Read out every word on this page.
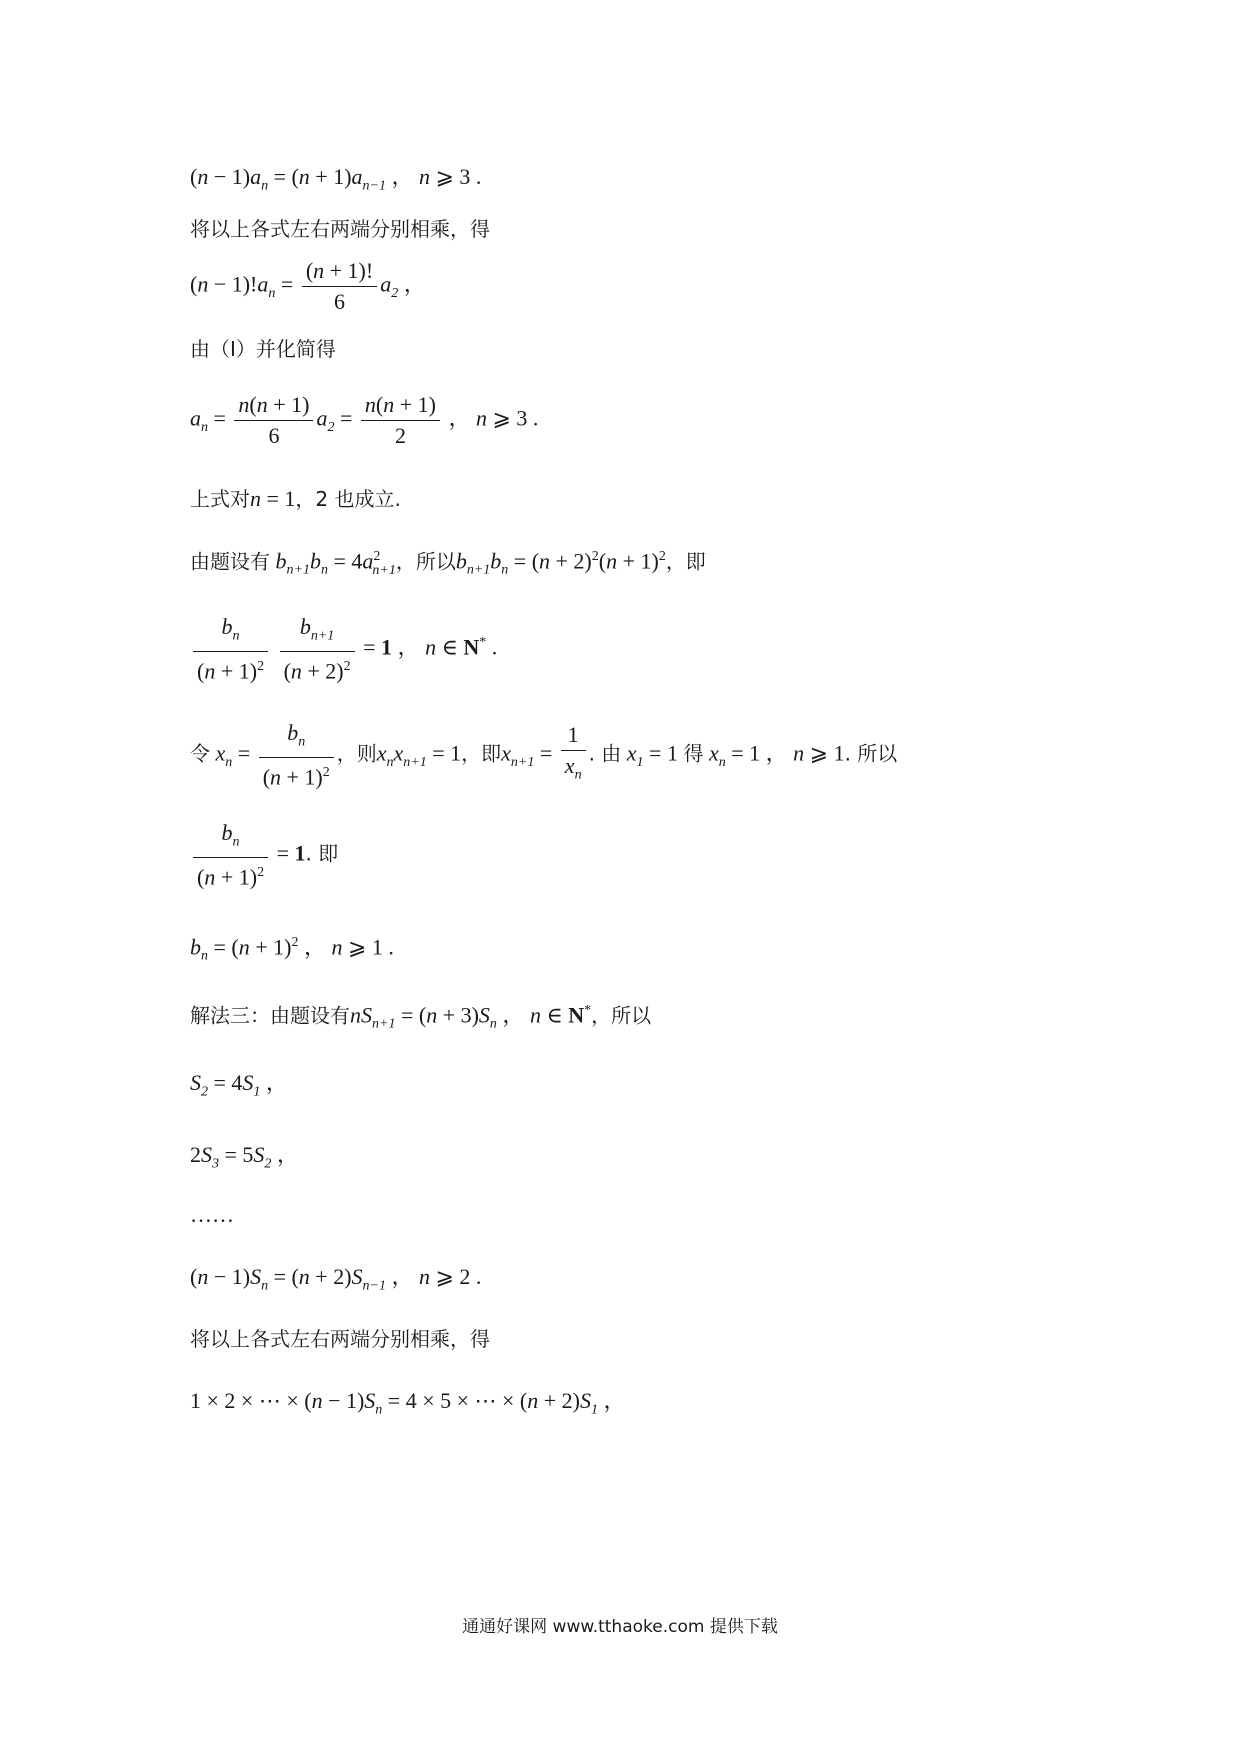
$(n - 1)a_n = (n + 1)a_{n-1}$ ， n ⩾ 3 .
将以上各式左右两端分别相乘，得
$(n - 1)!a_n = \frac{(n + 1)!}{6} a_2$ ，
由（Ⅰ）并化简得
$a_n = \frac{n(n + 1)}{6} a_2 = \frac{n(n + 1)}{2}$ ， n ⩾ 3 .
上式对n = 1，2 也成立.
由题设有 $b_{n+1}b_n = 4a^2_{n+1}$，所以$b_{n+1}b_n = (n + 2)^2(n + 1)^2$，即
$\frac{b_n}{(n + 1)^2}$
$\frac{b_{n+1}}{(n + 2)^2} = 1$ ， n ∈ N* .
令 $x_n = \frac{b_n}{(n + 1)^2}$ ，则$x_nx_{n+1} = 1$，即$x_{n+1} = \frac{1}{x_n}$ . 由 $x_1 = 1$ 得 $x_n = 1$ ， n ⩾ 1. 所以
$\frac{b_n}{(n + 1)^2} = 1$. 即
$b_n = (n + 1)^2$ ， n ⩾ 1 .
解法三：由题设有$nS_{n+1} = (n + 3)S_n$ ， n ∈ N*，所以
$S_2 = 4S_1$ ，
$2S_3 = 5S_2$ ，
……
$(n - 1)S_n = (n + 2)S_{n-1}$ ， n ⩾ 2 .
将以上各式左右两端分别相乘，得
1 × 2 × ⋯ × $(n - 1)S_n = 4 \times 5$ × ⋯ × $(n + 2)S_1$ ，
通通好课网 www.tthaoke.com 提供下载
